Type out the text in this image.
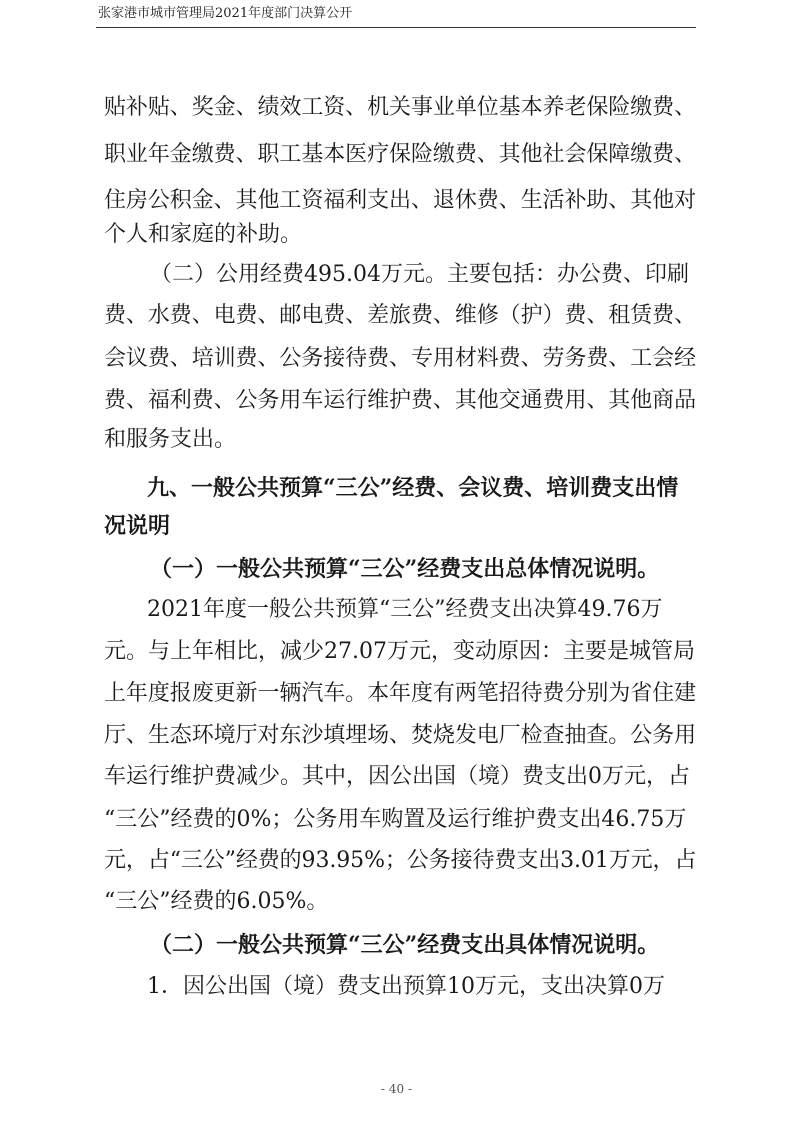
张家港市城市管理局2021年度部门决算公开
贴补贴、奖金、绩效工资、机关事业单位基本养老保险缴费、
职业年金缴费、职工基本医疗保险缴费、其他社会保障缴费、
住房公积金、其他工资福利支出、退休费、生活补助、其他对
个人和家庭的补助。
（二）公用经费495.04万元。主要包括：办公费、印刷
费、水费、电费、邮电费、差旅费、维修（护）费、租赁费、
会议费、培训费、公务接待费、专用材料费、劳务费、工会经
费、福利费、公务用车运行维护费、其他交通费用、其他商品
和服务支出。
九、一般公共预算“三公”经费、会议费、培训费支出情
况说明
（一）一般公共预算“三公”经费支出总体情况说明。
2021年度一般公共预算“三公”经费支出决算49.76万
元。与上年相比，减少27.07万元，变动原因：主要是城管局
上年度报废更新一辆汽车。本年度有两笔招待费分别为省住建
厅、生态环境厅对东沙填埋场、焚烧发电厂检查抽查。公务用
车运行维护费减少。其中，因公出国（境）费支出0万元，占
“三公”经费的0%；公务用车购置及运行维护费支出46.75万
元，占“三公”经费的93.95%；公务接待费支出3.01万元，占
“三公”经费的6.05%。
（二）一般公共预算“三公”经费支出具体情况说明。
1．因公出国（境）费支出预算10万元，支出决算0万
- 40 -
